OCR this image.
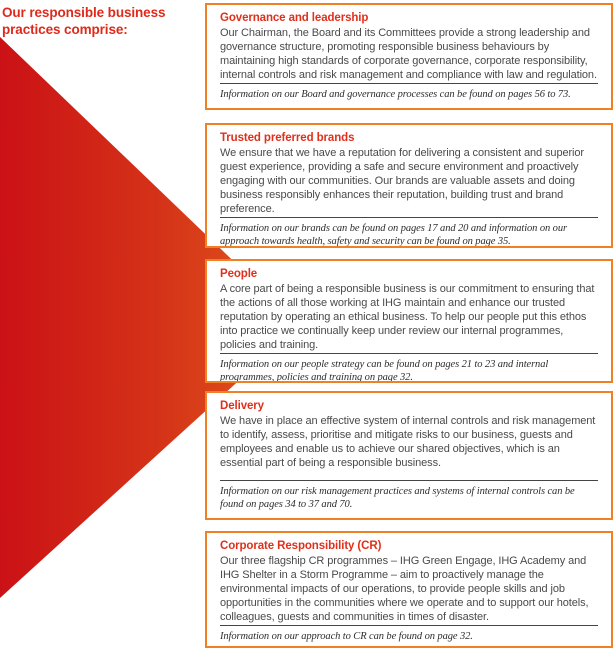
Our responsible business practices comprise:
Governance and leadership

Our Chairman, the Board and its Committees provide a strong leadership and governance structure, promoting responsible business behaviours by maintaining high standards of corporate governance, corporate responsibility, internal controls and risk management and compliance with law and regulation.

Information on our Board and governance processes can be found on pages 56 to 73.

Trusted preferred brands

We ensure that we have a reputation for delivering a consistent and superior guest experience, providing a safe and secure environment and proactively engaging with our communities. Our brands are valuable assets and doing business responsibly enhances their reputation, building trust and brand preference.

Information on our brands can be found on pages 17 and 20 and information on our approach towards health, safety and security can be found on page 35.

People

A core part of being a responsible business is our commitment to ensuring that the actions of all those working at IHG maintain and enhance our trusted reputation by operating an ethical business. To help our people put this ethos into practice we continually keep under review our internal programmes, policies and training.

Information on our people strategy can be found on pages 21 to 23 and internal programmes, policies and training on page 32.

Delivery

We have in place an effective system of internal controls and risk management to identify, assess, prioritise and mitigate risks to our business, guests and employees and enable us to achieve our shared objectives, which is an essential part of being a responsible business.

Information on our risk management practices and systems of internal controls can be found on pages 34 to 37 and 70.

Corporate Responsibility (CR)

Our three flagship CR programmes – IHG Green Engage, IHG Academy and IHG Shelter in a Storm Programme – aim to proactively manage the environmental impacts of our operations, to provide people skills and job opportunities in the communities where we operate and to support our hotels, colleagues, guests and communities in times of disaster.

Information on our approach to CR can be found on page 32.
